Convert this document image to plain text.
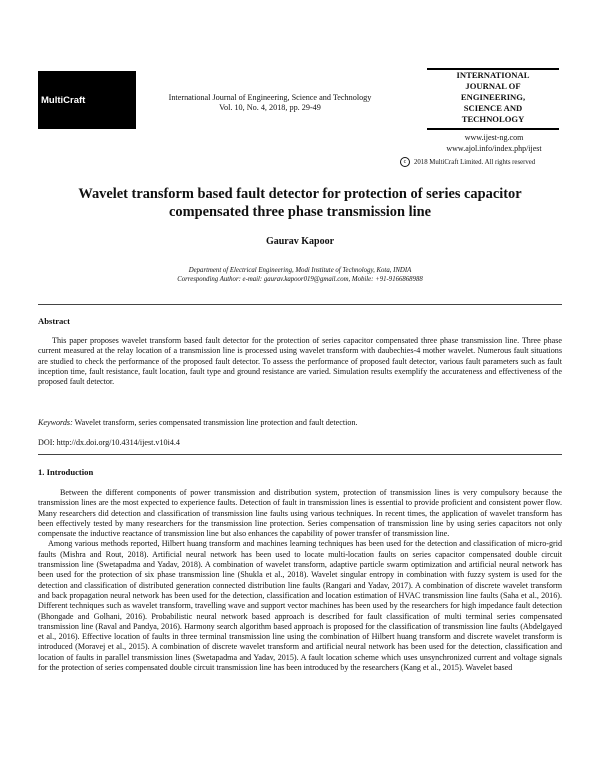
MultiCraft	International Journal of Engineering, Science and Technology
Vol. 10, No. 4, 2018, pp. 29-49
INTERNATIONAL
JOURNAL OF
ENGINEERING,
SCIENCE AND
TECHNOLOGY
www.ijest-ng.com
www.ajol.info/index.php/ijest
c	2018 MultiCraft Limited. All rights reserved
Wavelet transform based fault detector for protection of series capacitor
compensated three phase transmission line
Gaurav Kapoor
Department of Electrical Engineering, Modi Institute of Technology, Kota, INDIA
Corresponding Author: e-mail: gaurav.kapoor019@gmail.com, Mobile: +91-9166868988
Abstract

This paper proposes wavelet transform based fault detector for the protection of series capacitor compensated three phase transmission line. Three phase current measured at the relay location of a transmission line is processed using wavelet transform with daubechies-4 mother wavelet. Numerous fault situations are studied to check the performance of the proposed fault detector. To assess the performance of proposed fault detector, various fault parameters such as fault inception time, fault resistance, fault location, fault type and ground resistance are varied. Simulation results exemplify the accurateness and effectiveness of the proposed fault detector.

Keywords: Wavelet transform, series compensated transmission line protection and fault detection.
DOI: http://dx.doi.org/10.4314/ijest.v10i4.4
1. Introduction

Between the different components of power transmission and distribution system, protection of transmission lines is very compulsory because the transmission lines are the most expected to experience faults. Detection of fault in transmission lines is essential to provide proficient and consistent power flow. Many researchers did detection and classification of transmission line faults using various techniques. In recent times, the application of wavelet transform has been effectively tested by many researchers for the transmission line protection. Series compensation of transmission line by using series capacitors not only compensate the inductive reactance of transmission line but also enhances the capability of power transfer of transmission line.

Among various methods reported, Hilbert huang transform and machines learning techniques has been used for the detection and classification of micro-grid faults (Mishra and Rout, 2018). Artificial neural network has been used to locate multi-location faults on series capacitor compensated double circuit transmission line (Swetapadma and Yadav, 2018). A combination of wavelet transform, adaptive particle swarm optimization and artificial neural network has been used for the protection of six phase transmission line (Shukla et al., 2018). Wavelet singular entropy in combination with fuzzy system is used for the detection and classification of distributed generation connected distribution line faults (Rangari and Yadav, 2017). A combination of discrete wavelet transform and back propagation neural network has been used for the detection, classification and location estimation of HVAC transmission line faults (Saha et al., 2016). Different techniques such as wavelet transform, travelling wave and support vector machines has been used by the researchers for high impedance fault detection (Bhongade and Golhani, 2016). Probabilistic neural network based approach is described for fault classification of multi terminal series compensated transmission line (Raval and Pandya, 2016). Harmony search algorithm based approach is proposed for the classification of transmission line faults (Abdelgayed et al., 2016). Effective location of faults in three terminal transmission line using the combination of Hilbert huang transform and discrete wavelet transform is introduced (Moravej et al., 2015). A combination of discrete wavelet transform and artificial neural network has been used for the detection, classification and location of faults in parallel transmission lines (Swetapadma and Yadav, 2015). A fault location scheme which uses unsynchronized current and voltage signals for the protection of series compensated double circuit transmission line has been introduced by the researchers (Kang et al., 2015). Wavelet based
